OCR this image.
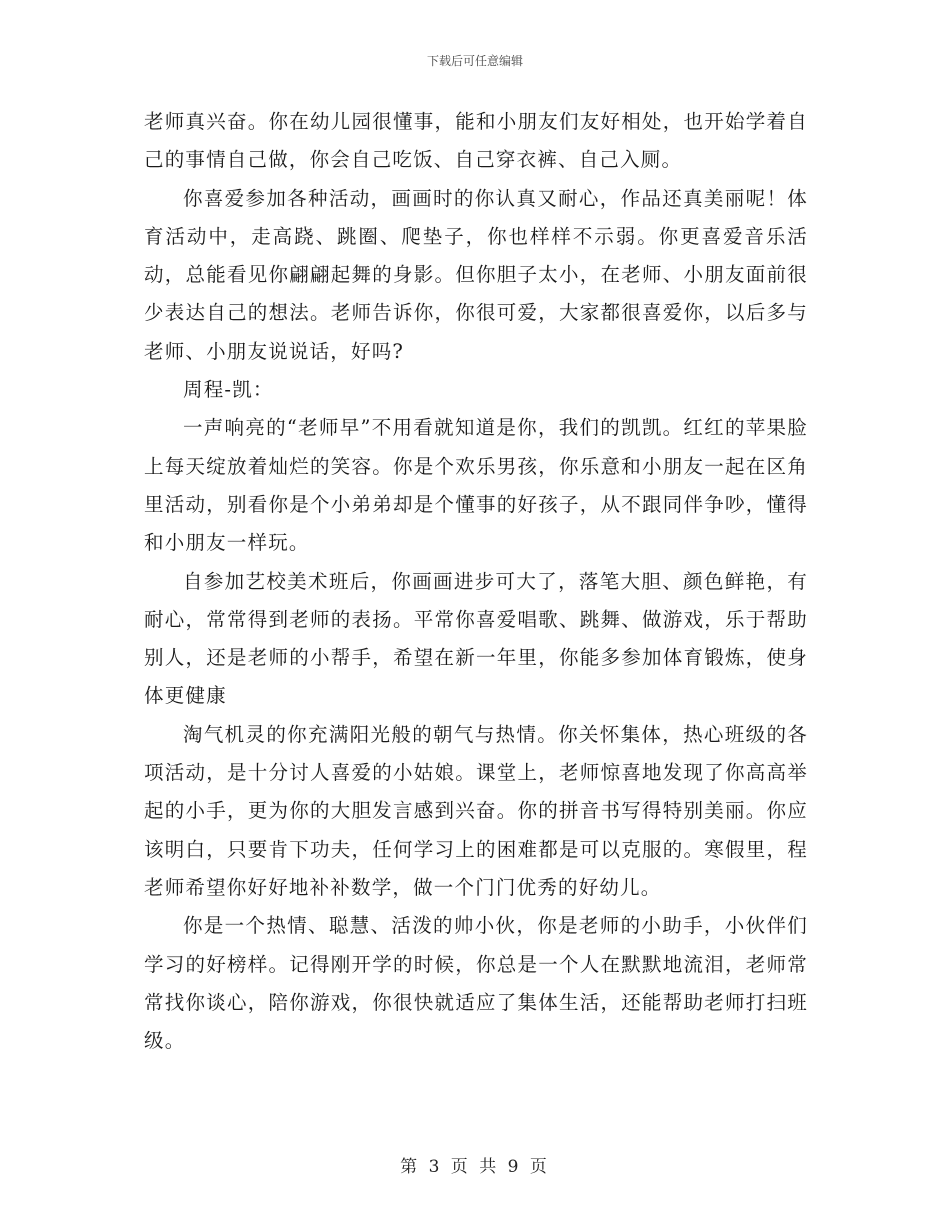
下载后可任意编辑

老师真兴奋。你在幼儿园很懂事，能和小朋友们友好相处，也开始学着自己的事情自己做，你会自己吃饭、自己穿衣裤、自己入厕。

你喜爱参加各种活动，画画时的你认真又耐心，作品还真美丽呢！体育活动中，走高跷、跳圈、爬垫子，你也样样不示弱。你更喜爱音乐活动，总能看见你翩翩起舞的身影。但你胆子太小，在老师、小朋友面前很少表达自己的想法。老师告诉你，你很可爱，大家都很喜爱你，以后多与老师、小朋友说说话，好吗?

周程-凯：

一声响亮的“老师早”不用看就知道是你，我们的凯凯。红红的苹果脸上每天绽放着灿烂的笑容。你是个欢乐男孩，你乐意和小朋友一起在区角里活动，别看你是个小弟弟却是个懂事的好孩子，从不跟同伴争吵，懂得和小朋友一样玩。

自参加艺校美术班后，你画画进步可大了，落笔大胆、颜色鲜艳，有耐心，常常得到老师的表扬。平常你喜爱唱歌、跳舞、做游戏，乐于帮助别人，还是老师的小帮手，希望在新一年里，你能多参加体育锻炼，使身体更健康

淘气机灵的你充满阳光般的朝气与热情。你关怀集体，热心班级的各项活动，是十分讨人喜爱的小姑娘。课堂上，老师惊喜地发现了你高高举起的小手，更为你的大胆发言感到兴奋。你的拼音书写得特别美丽。你应该明白，只要肯下功夫，任何学习上的困难都是可以克服的。寒假里，程老师希望你好好地补补数学，做一个门门优秀的好幼儿。

你是一个热情、聪慧、活泼的帅小伙，你是老师的小助手，小伙伴们学习的好榜样。记得刚开学的时候，你总是一个人在默默地流泪，老师常常找你谈心，陪你游戏，你很快就适应了集体生活，还能帮助老师打扫班级。

第 3 页 共 9 页
